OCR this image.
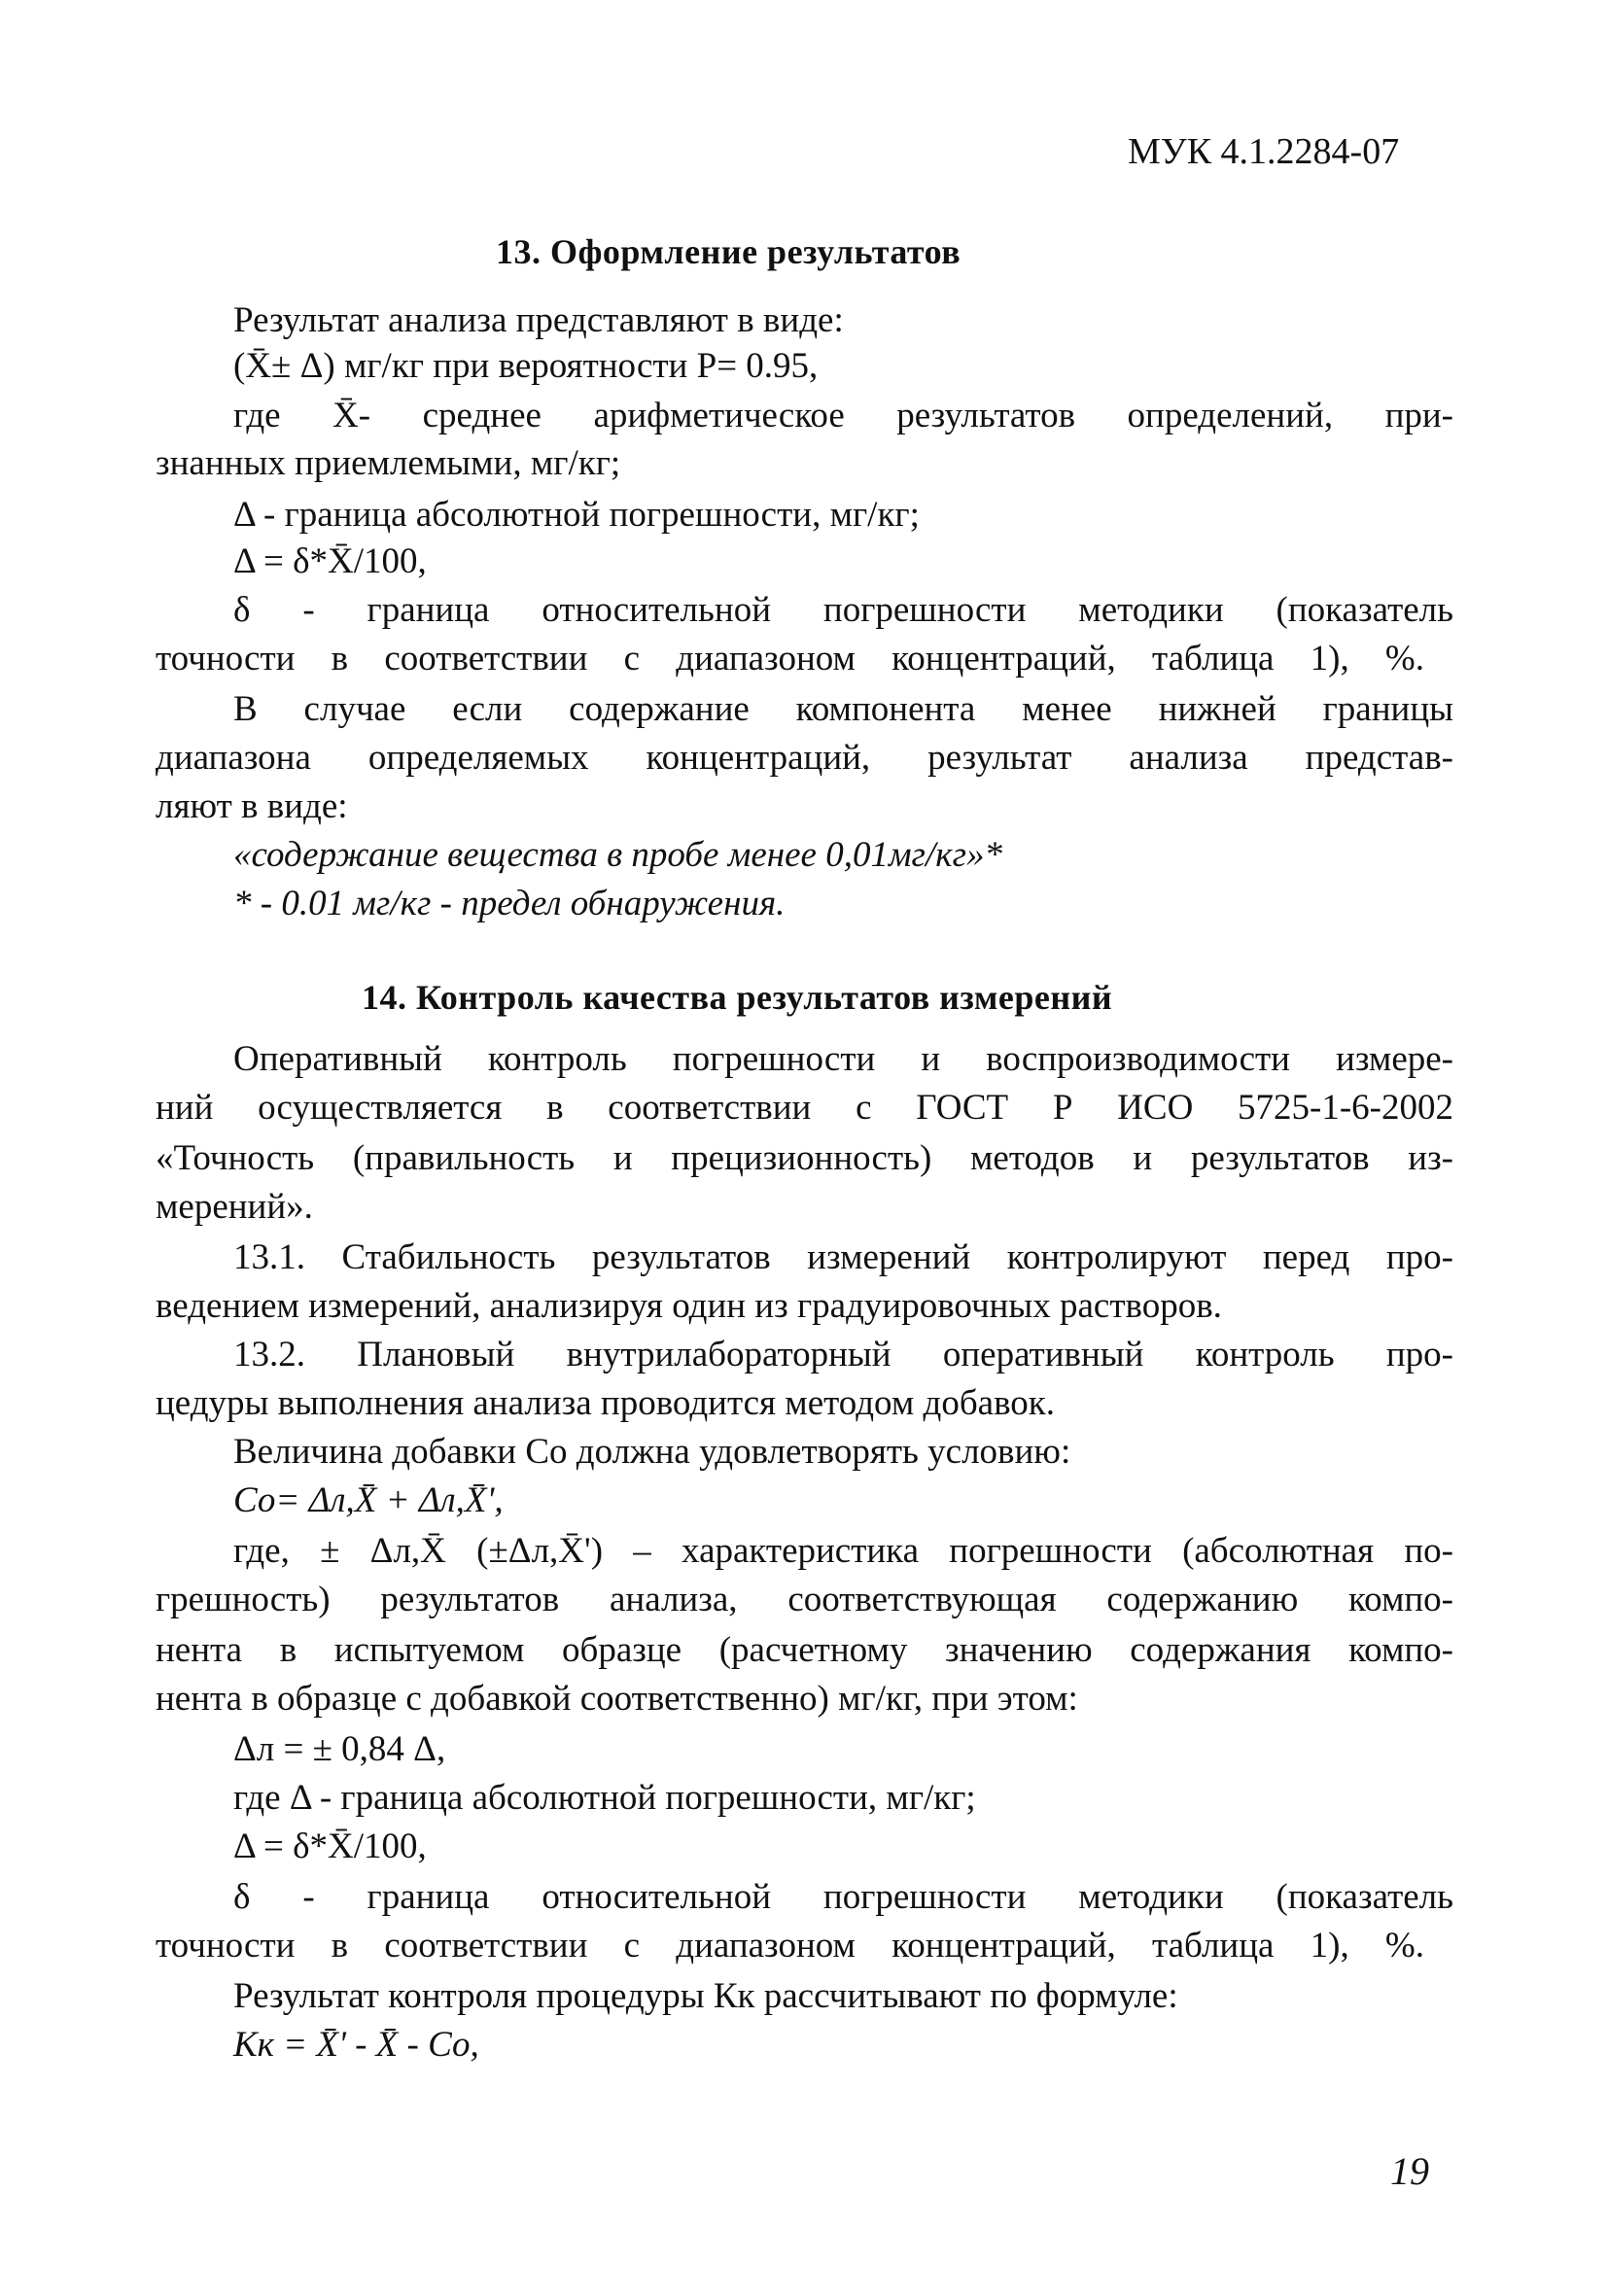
МУК 4.1.2284-07
13. Оформление результатов
Результат анализа представляют в виде:
(X̄± Δ) мг/кг при вероятности Р= 0.95,
где X̄- среднее арифметическое результатов определений, при-
знанных приемлемыми, мг/кг;
Δ - граница абсолютной погрешности, мг/кг;
Δ = δ*X̄/100,
δ - граница относительной погрешности методики (показатель
точности в соответствии с диапазоном концентраций, таблица 1), %.
В случае если содержание компонента менее нижней границы
диапазона определяемых концентраций, результат анализа представ-
ляют в виде:
«содержание вещества в пробе менее 0,01мг/кг»*
* - 0.01 мг/кг - предел обнаружения.
14. Контроль качества результатов измерений
Оперативный контроль погрешности и воспроизводимости измере-
ний осуществляется в соответствии с ГОСТ Р ИСО 5725-1-6-2002
«Точность (правильность и прецизионность) методов и результатов из-
мерений».
13.1. Стабильность результатов измерений контролируют перед про-
ведением измерений, анализируя один из градуировочных растворов.
13.2. Плановый внутрилабораторный оперативный контроль про-
цедуры выполнения анализа проводится методом добавок.
Величина добавки Со должна удовлетворять условию:
Со= Δл,X̄ + Δл,X̄',
где, ± Δл,X̄ (±Δл,X̄') – характеристика погрешности (абсолютная по-
грешность) результатов анализа, соответствующая содержанию компо-
нента в испытуемом образце (расчетному значению содержания компо-
нента в образце с добавкой соответственно) мг/кг, при этом:
Δл = ± 0,84 Δ,
где Δ - граница абсолютной погрешности, мг/кг;
Δ = δ*X̄/100,
δ - граница относительной погрешности методики (показатель
точности в соответствии с диапазоном концентраций, таблица 1), %.
Результат контроля процедуры Кк рассчитывают по формуле:
Кк = X̄' - X̄ - Со,
19
